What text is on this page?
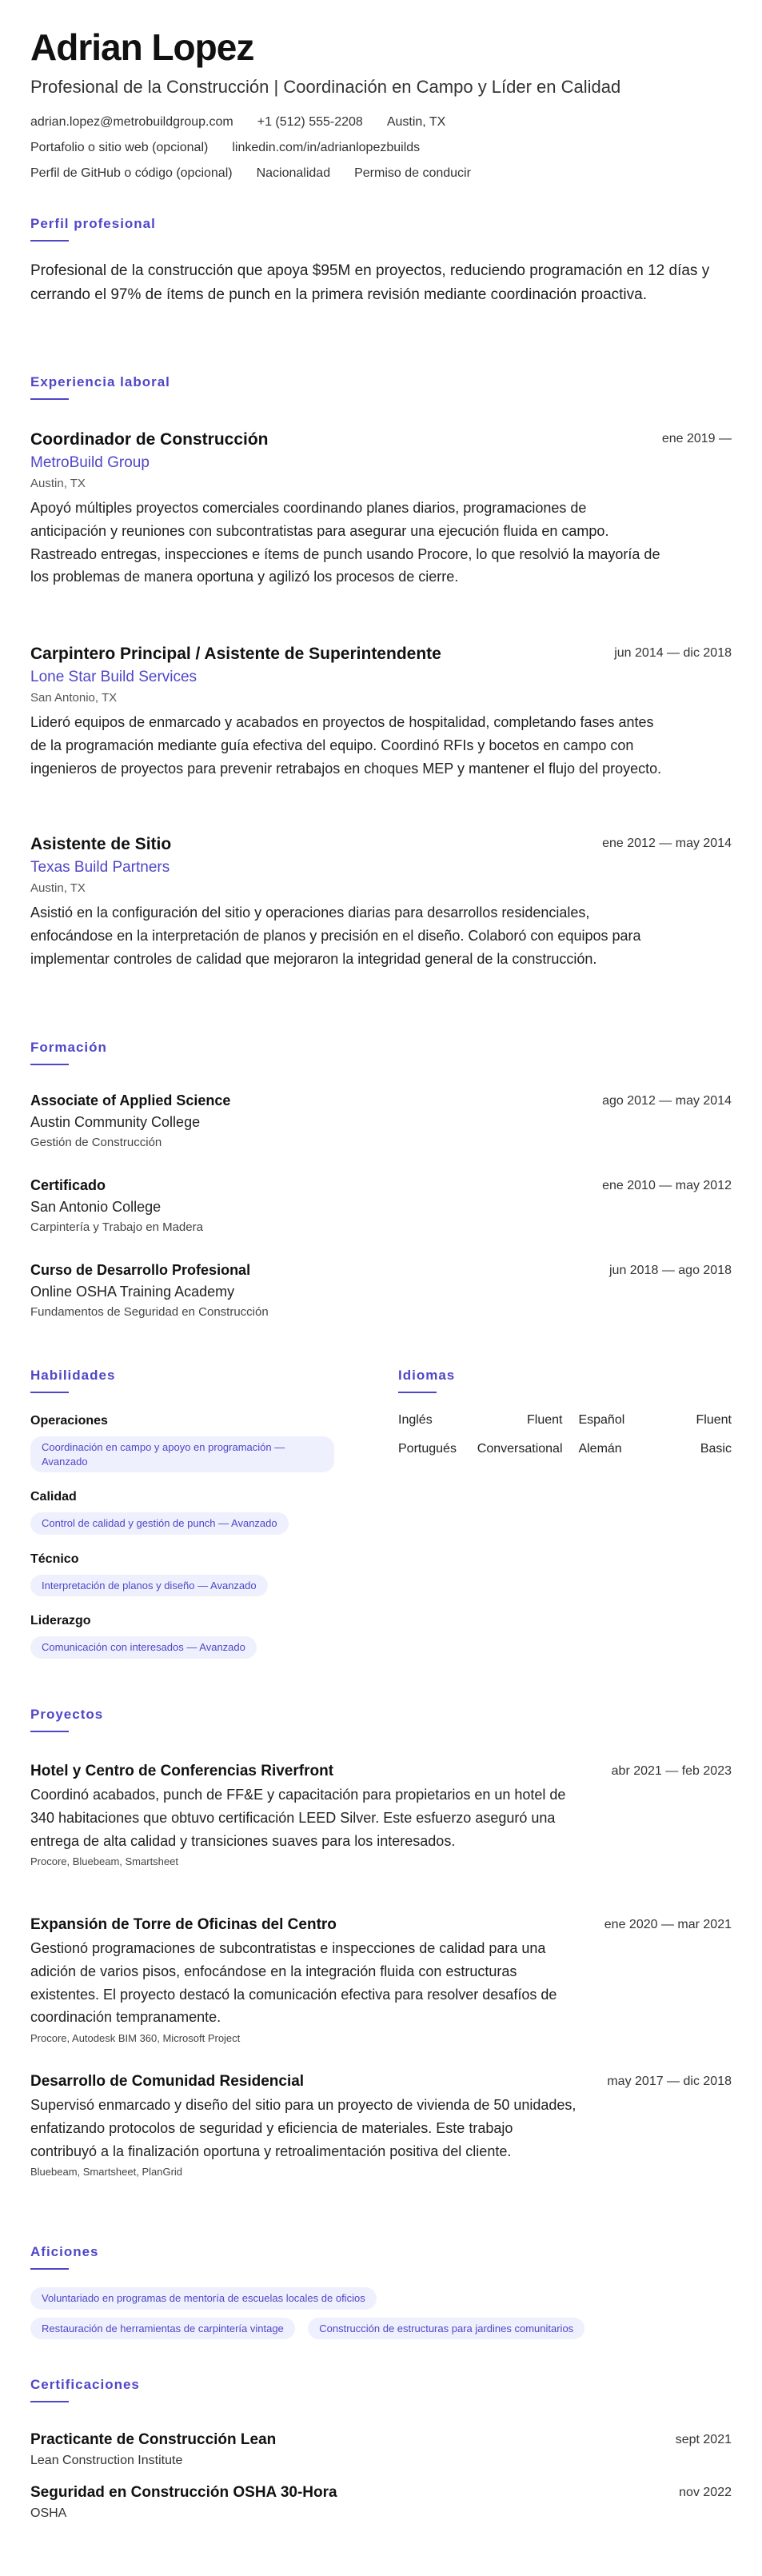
Adrian Lopez
Profesional de la Construcción | Coordinación en Campo y Líder en Calidad
adrian.lopez@metrobuildgroup.com +1 (512) 555-2208 Austin, TX
Portafolio o sitio web (opcional) linkedin.com/in/adrianlopezbuilds
Perfil de GitHub o código (opcional) Nacionalidad Permiso de conducir
Perfil profesional
Profesional de la construcción que apoya $95M en proyectos, reduciendo programación en 12 días y cerrando el 97% de ítems de punch en la primera revisión mediante coordinación proactiva.
Experiencia laboral
Coordinador de Construcción	ene 2019 —
MetroBuild Group
Austin, TX
Apoyó múltiples proyectos comerciales coordinando planes diarios, programaciones de anticipación y reuniones con subcontratistas para asegurar una ejecución fluida en campo. Rastreado entregas, inspecciones e ítems de punch usando Procore, lo que resolvió la mayoría de los problemas de manera oportuna y agilizó los procesos de cierre.
Carpintero Principal / Asistente de Superintendente	jun 2014 — dic 2018
Lone Star Build Services
San Antonio, TX
Lideró equipos de enmarcado y acabados en proyectos de hospitalidad, completando fases antes de la programación mediante guía efectiva del equipo. Coordinó RFIs y bocetos en campo con ingenieros de proyectos para prevenir retrabajos en choques MEP y mantener el flujo del proyecto.
Asistente de Sitio	ene 2012 — may 2014
Texas Build Partners
Austin, TX
Asistió en la configuración del sitio y operaciones diarias para desarrollos residenciales, enfocándose en la interpretación de planos y precisión en el diseño. Colaboró con equipos para implementar controles de calidad que mejoraron la integridad general de la construcción.
Formación
Associate of Applied Science	ago 2012 — may 2014
Austin Community College
Gestión de Construcción
Certificado	ene 2010 — may 2012
San Antonio College
Carpintería y Trabajo en Madera
Curso de Desarrollo Profesional	jun 2018 — ago 2018
Online OSHA Training Academy
Fundamentos de Seguridad en Construcción
Habilidades
Operaciones
Coordinación en campo y apoyo en programación — Avanzado
Calidad
Control de calidad y gestión de punch — Avanzado
Técnico
Interpretación de planos y diseño — Avanzado
Liderazgo
Comunicación con interesados — Avanzado
Idiomas
Inglés	Fluent Español	Fluent
Portugués	Conversational Alemán	Basic
Proyectos
Hotel y Centro de Conferencias Riverfront	abr 2021 — feb 2023
Coordinó acabados, punch de FF&E y capacitación para propietarios en un hotel de 340 habitaciones que obtuvo certificación LEED Silver. Este esfuerzo aseguró una entrega de alta calidad y transiciones suaves para los interesados.
Procore, Bluebeam, Smartsheet
Expansión de Torre de Oficinas del Centro	ene 2020 — mar 2021
Gestionó programaciones de subcontratistas e inspecciones de calidad para una adición de varios pisos, enfocándose en la integración fluida con estructuras existentes. El proyecto destacó la comunicación efectiva para resolver desafíos de coordinación tempranamente.
Procore, Autodesk BIM 360, Microsoft Project
Desarrollo de Comunidad Residencial	may 2017 — dic 2018
Supervisó enmarcado y diseño del sitio para un proyecto de vivienda de 50 unidades, enfatizando protocolos de seguridad y eficiencia de materiales. Este trabajo contribuyó a la finalización oportuna y retroalimentación positiva del cliente.
Bluebeam, Smartsheet, PlanGrid
Aficiones
Voluntariado en programas de mentoría de escuelas locales de oficios
Restauración de herramientas de carpintería vintage	Construcción de estructuras para jardines comunitarios
Certificaciones
Practicante de Construcción Lean	sept 2021
Lean Construction Institute
Seguridad en Construcción OSHA 30-Hora	nov 2022
OSHA
